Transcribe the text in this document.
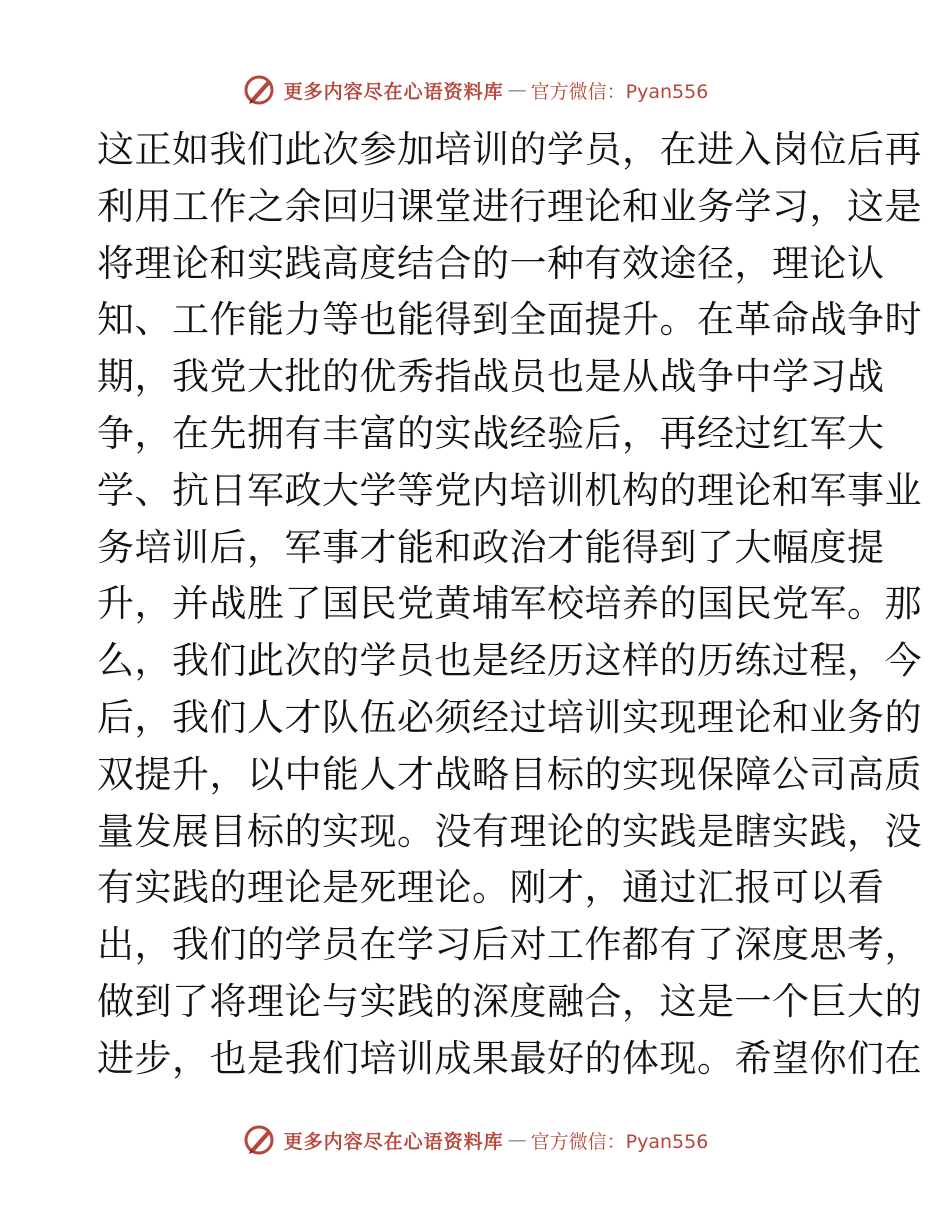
更多内容尽在心语资料库 — 官方微信：Pyan556
这正如我们此次参加培训的学员，在进入岗位后再
利用工作之余回归课堂进行理论和业务学习，这是
将理论和实践高度结合的一种有效途径，理论认
知、工作能力等也能得到全面提升。在革命战争时
期，我党大批的优秀指战员也是从战争中学习战
争，在先拥有丰富的实战经验后，再经过红军大
学、抗日军政大学等党内培训机构的理论和军事业
务培训后，军事才能和政治才能得到了大幅度提
升，并战胜了国民党黄埔军校培养的国民党军。那
么，我们此次的学员也是经历这样的历练过程，今
后，我们人才队伍必须经过培训实现理论和业务的
双提升，以中能人才战略目标的实现保障公司高质
量发展目标的实现。没有理论的实践是瞎实践，没
有实践的理论是死理论。刚才，通过汇报可以看
出，我们的学员在学习后对工作都有了深度思考，
做到了将理论与实践的深度融合，这是一个巨大的
进步，也是我们培训成果最好的体现。希望你们在
更多内容尽在心语资料库 — 官方微信：Pyan556
